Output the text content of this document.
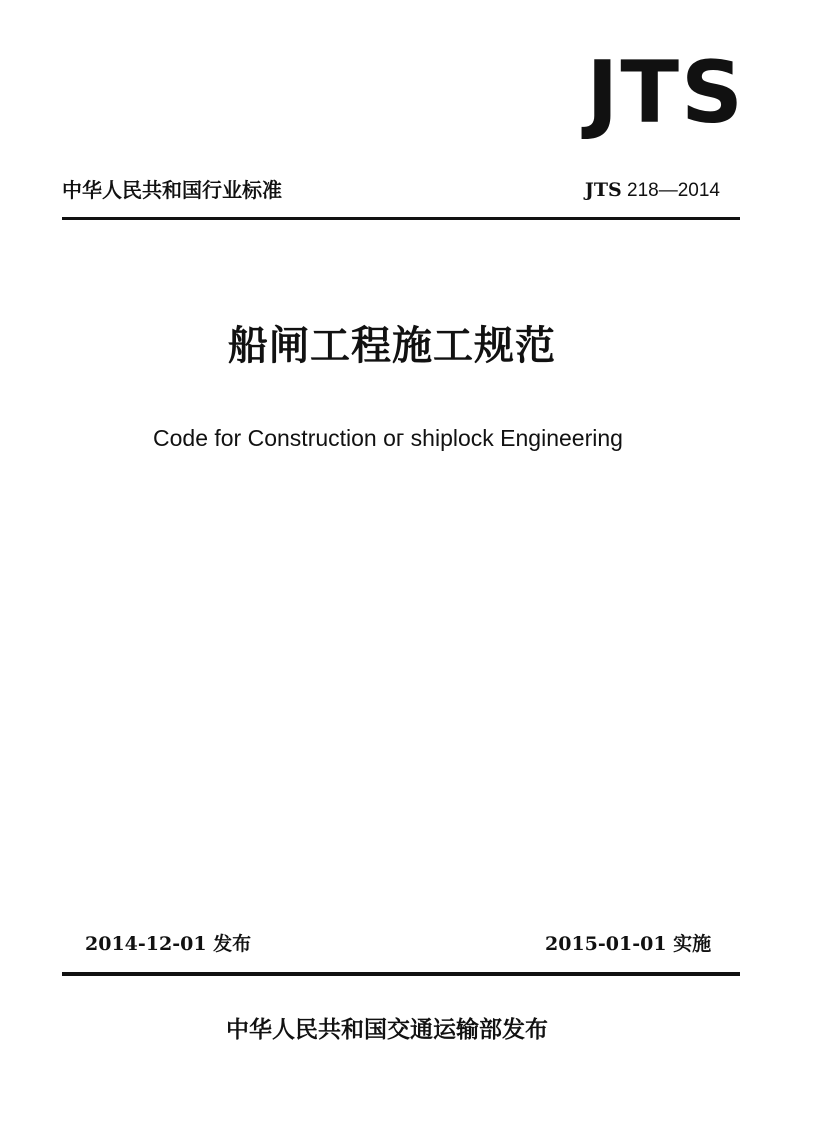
JTS
中华人民共和国行业标准	JTS 218—2014
船闸工程施工规范
Code for Construction oг ѕhiplock Engineering
2014-12-01 发布	2015-01-01 实施
中华人民共和国交通运输部发布
